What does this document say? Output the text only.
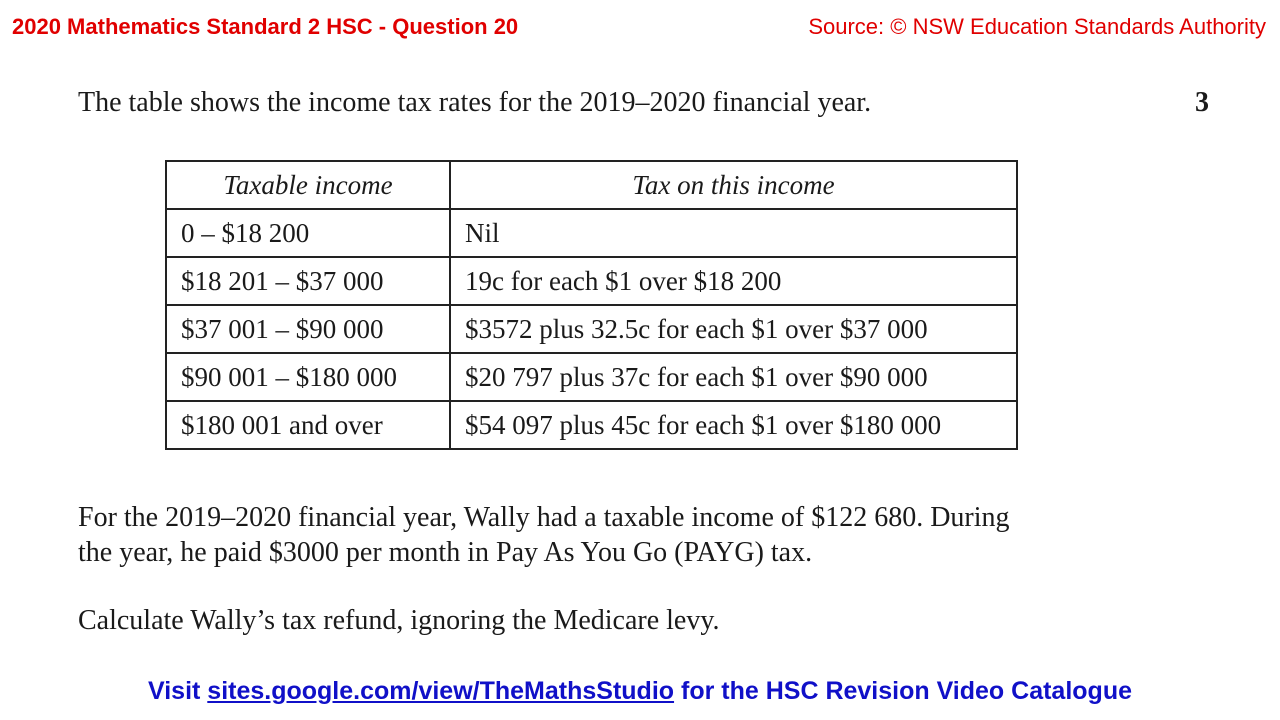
2020 Mathematics Standard 2 HSC - Question 20	Source: © NSW Education Standards Authority
The table shows the income tax rates for the 2019–2020 financial year.	3
Taxable income	Tax on this income
0 – $18 200	Nil
$18 201 – $37 000	19c for each $1 over $18 200
$37 001 – $90 000	$3572 plus 32.5c for each $1 over $37 000
$90 001 – $180 000	$20 797 plus 37c for each $1 over $90 000
$180 001 and over	$54 097 plus 45c for each $1 over $180 000
For the 2019–2020 financial year, Wally had a taxable income of $122 680. During
the year, he paid $3000 per month in Pay As You Go (PAYG) tax.
Calculate Wally’s tax refund, ignoring the Medicare levy.
Visit sites.google.com/view/TheMathsStudio for the HSC Revision Video Catalogue
